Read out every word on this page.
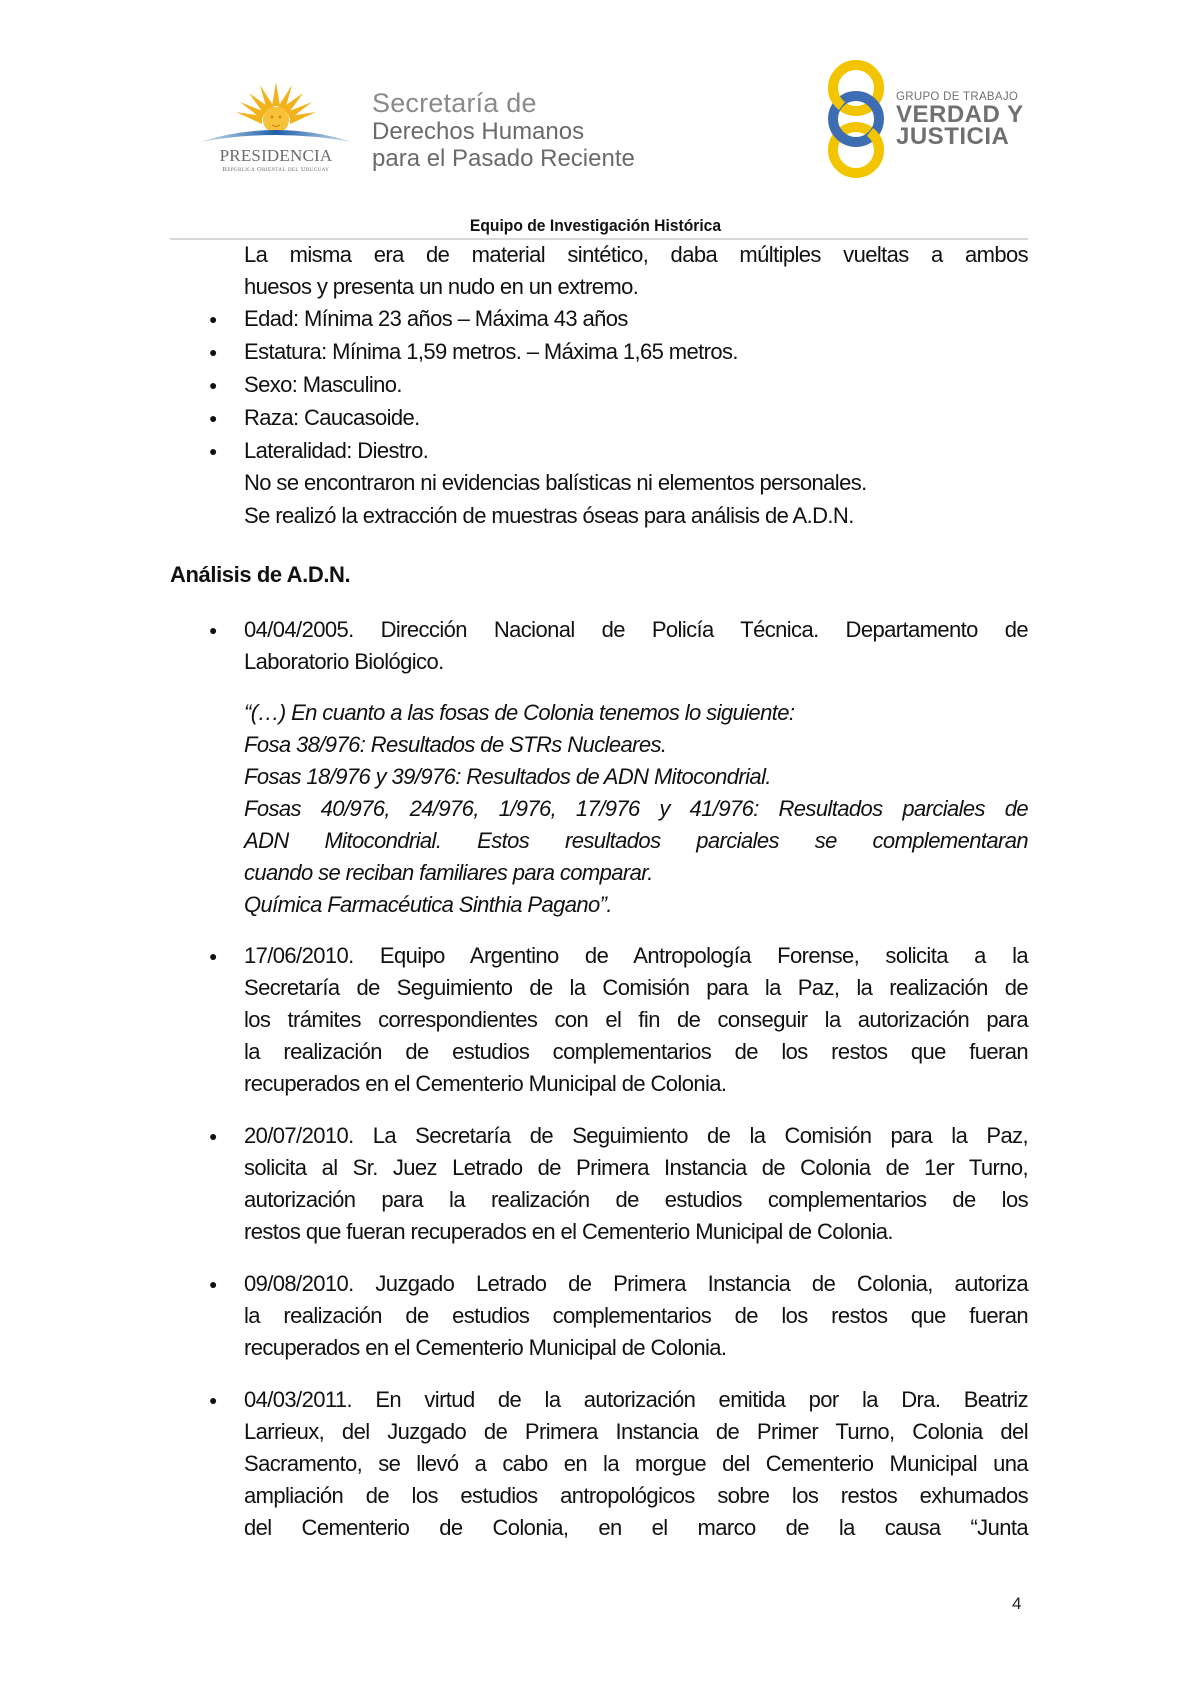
PRESIDENCIA
República Oriental del Uruguay
Secretaría de
Derechos Humanos
para el Pasado Reciente
GRUPO DE TRABAJO
VERDAD Y
JUSTICIA
Equipo de Investigación Histórica
La misma era de material sintético, daba múltiples vueltas a ambos
huesos y presenta un nudo en un extremo.
● Edad: Mínima 23 años – Máxima 43 años
● Estatura: Mínima 1,59 metros. – Máxima 1,65 metros.
● Sexo: Masculino.
● Raza: Caucasoide.
● Lateralidad: Diestro.
No se encontraron ni evidencias balísticas ni elementos personales.
Se realizó la extracción de muestras óseas para análisis de A.D.N.
Análisis de A.D.N.
● 04/04/2005. Dirección Nacional de Policía Técnica. Departamento de
Laboratorio Biológico.
“(…) En cuanto a las fosas de Colonia tenemos lo siguiente:
Fosa 38/976: Resultados de STRs Nucleares.
Fosas 18/976 y 39/976: Resultados de ADN Mitocondrial.
Fosas 40/976, 24/976, 1/976, 17/976 y 41/976: Resultados parciales de
ADN Mitocondrial. Estos resultados parciales se complementaran
cuando se reciban familiares para comparar.
Química Farmacéutica Sinthia Pagano”.
● 17/06/2010. Equipo Argentino de Antropología Forense, solicita a la
Secretaría de Seguimiento de la Comisión para la Paz, la realización de
los trámites correspondientes con el fin de conseguir la autorización para
la realización de estudios complementarios de los restos que fueran
recuperados en el Cementerio Municipal de Colonia.
● 20/07/2010. La Secretaría de Seguimiento de la Comisión para la Paz,
solicita al Sr. Juez Letrado de Primera Instancia de Colonia de 1er Turno,
autorización para la realización de estudios complementarios de los
restos que fueran recuperados en el Cementerio Municipal de Colonia.
● 09/08/2010. Juzgado Letrado de Primera Instancia de Colonia, autoriza
la realización de estudios complementarios de los restos que fueran
recuperados en el Cementerio Municipal de Colonia.
● 04/03/2011. En virtud de la autorización emitida por la Dra. Beatriz
Larrieux, del Juzgado de Primera Instancia de Primer Turno, Colonia del
Sacramento, se llevó a cabo en la morgue del Cementerio Municipal una
ampliación de los estudios antropológicos sobre los restos exhumados
del Cementerio de Colonia, en el marco de la causa “Junta
4
